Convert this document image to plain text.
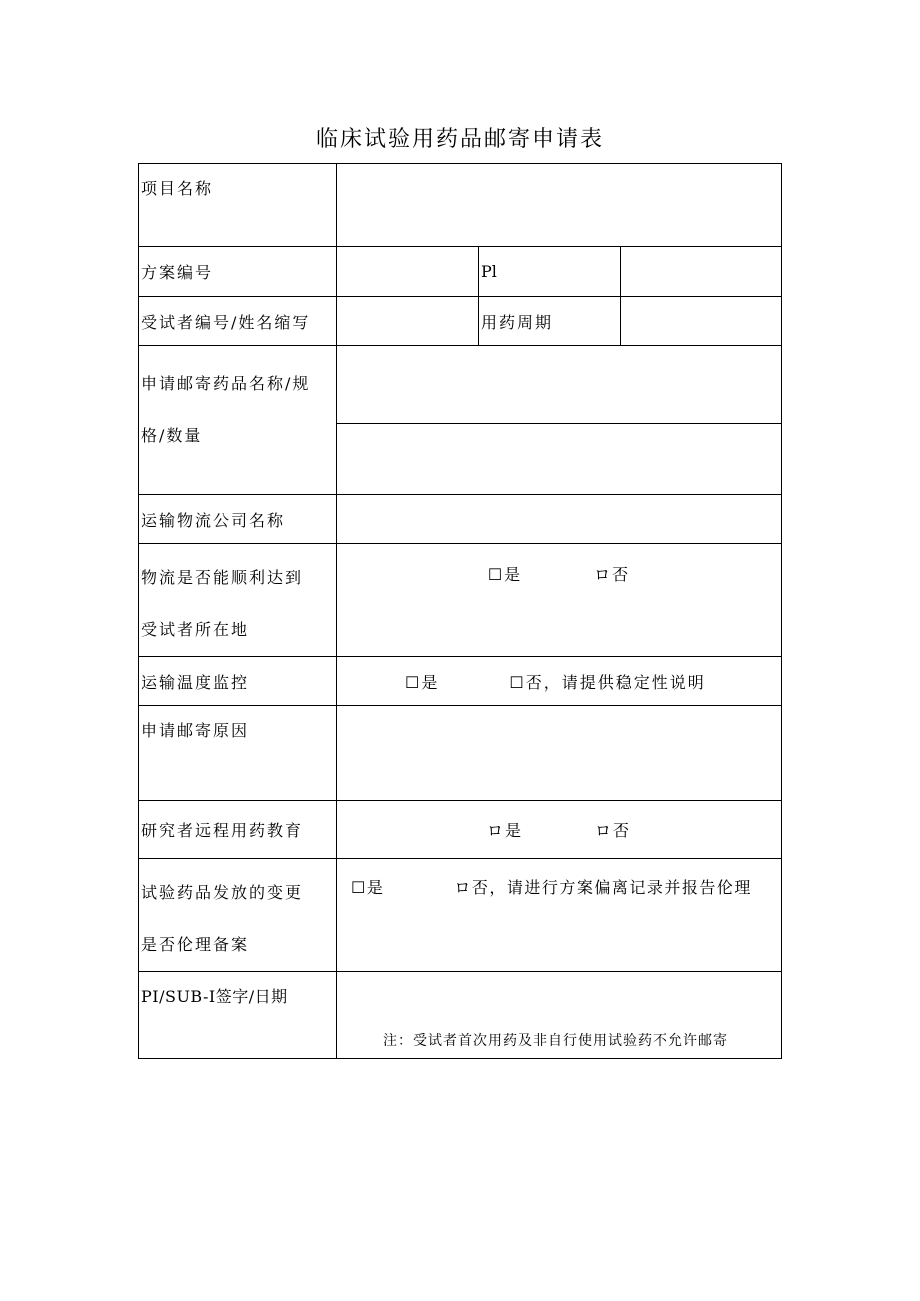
临床试验用药品邮寄申请表
项目名称			
方案编号		Pl	
受试者编号/姓名缩写		用药周期	
申请邮寄药品名称/规
格/数量			

运输物流公司名称			
物流是否能顺利达到
受试者所在地	☐是 ロ否		
运输温度监控	☐是 ☐否，请提供稳定性说明		
申请邮寄原因			
研究者远程用药教育	ロ是 ロ否		
试验药品发放的变更
是否伦理备案	☐是 ロ否，请进行方案偏离记录并报告伦理		
PI/SUB-I签字/日期			
注：受试者首次用药及非自行使用试验药不允许邮寄
